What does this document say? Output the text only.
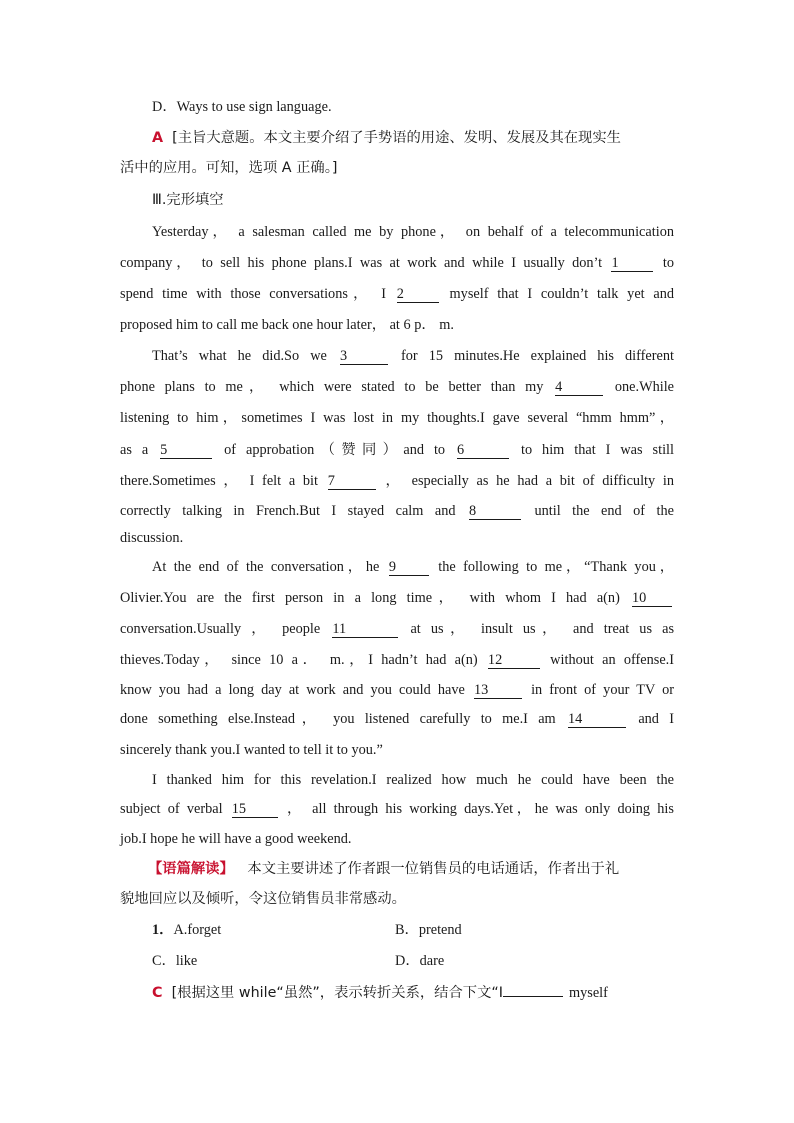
D．Ways to use sign language.
A [主旨大意题。本文主要介绍了手势语的用途、发明、发展及其在现实生
活中的应用。可知，选项 A 正确。]
Ⅲ.完形填空
Yesterday， a salesman called me by phone， on behalf of a telecommunication
company， to sell his phone plans.I was at work and while I usually don’t 1	to
spend time with those conversations， I 2	myself that I couldn’t talk yet and
proposed him to call me back one hour later， at 6 p． m.
That’s what he did.So we 3	for 15 minutes.He explained his different
phone plans to me， which were stated to be better than my 4	one.While
listening to him，sometimes I was lost in my thoughts.I gave several “hmm hmm”，
as a 5	of approbation（赞同）and to 6	to him that I was still
there.Sometimes ， I felt a bit 7	， especially as he had a bit of difficulty in
correctly talking in French.But I stayed calm and 8	until the end of the
discussion.
At the end of the conversation，he 9	the following to me，“Thank you，
Olivier.You are the first person in a long time， with whom I had a(n) 10
conversation.Usually ， people 11	at us， insult us， and treat us as
thieves.Today， since 10 a． m.，I hadn’t had a(n) 12	without an offense.I
know you had a long day at work and you could have 13	in front of your TV or
done something else.Instead， you listened carefully to me.I am 14	and I
sincerely thank you.I wanted to tell it to you.”
I thanked him for this revelation.I realized how much he could have been the
subject of verbal 15	， all through his working days.Yet，he was only doing his
job.I hope he will have a good weekend.
【语篇解读】 本文主要讲述了作者跟一位销售员的电话通话，作者出于礼
貌地回应以及倾听，令这位销售员非常感动。
1．A.forget	B．pretend
C．like	D．dare
C [根据这里 while“虽然”，表示转折关系，结合下文“I	myself
